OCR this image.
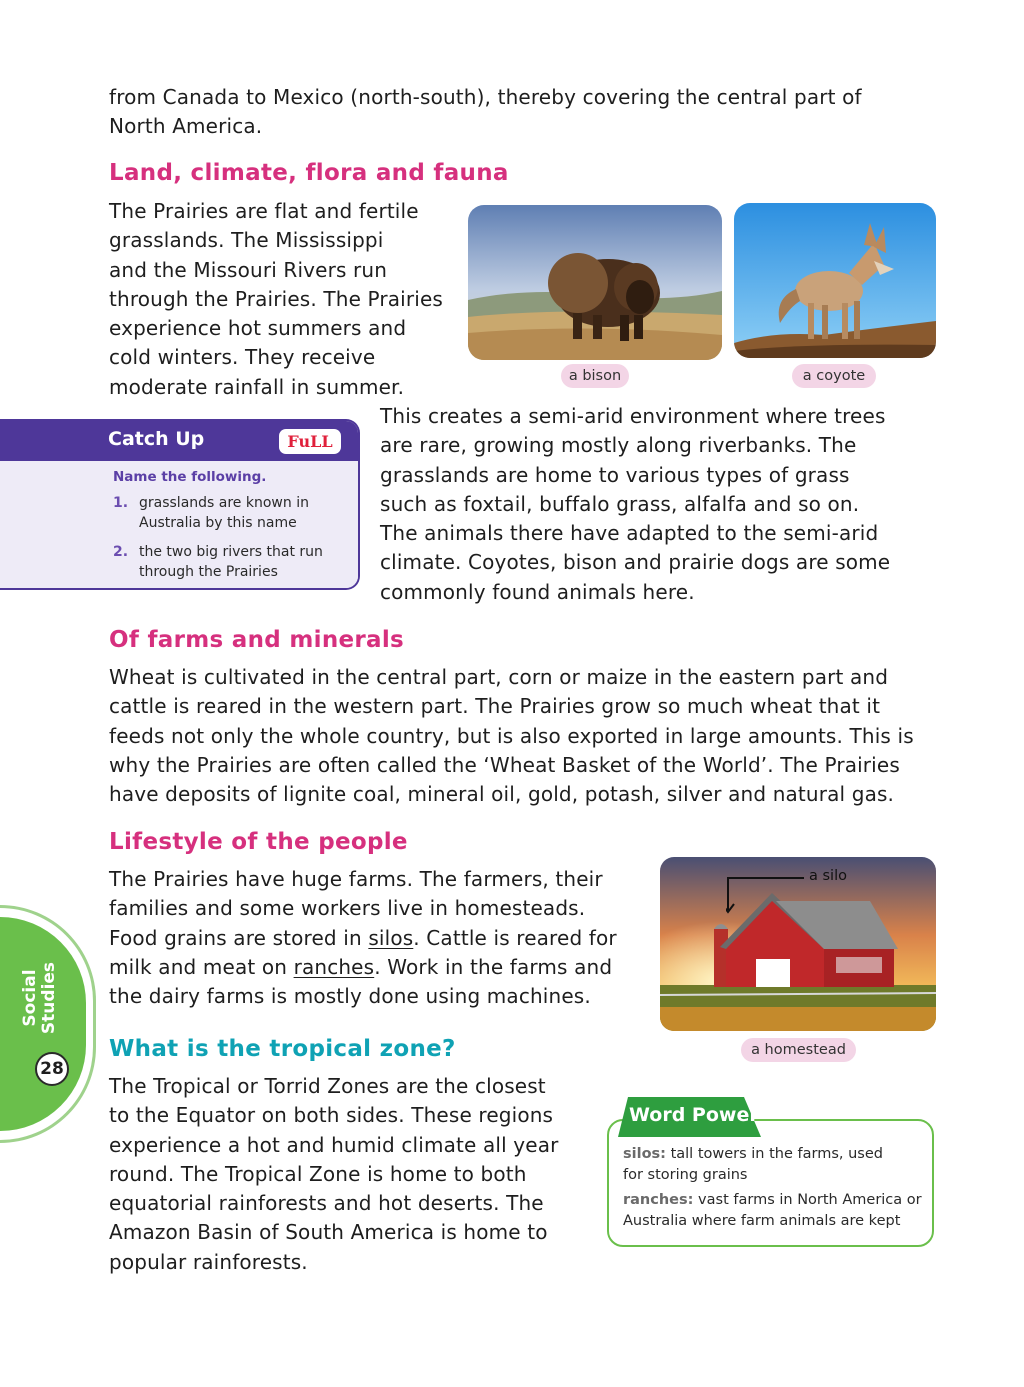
from Canada to Mexico (north-south), thereby covering the central part of
North America.
Land, climate, flora and fauna
The Prairies are flat and fertile
grasslands. The Mississippi
and the Missouri Rivers run
through the Prairies. The Prairies
experience hot summers and
cold winters. They receive
moderate rainfall in summer.	a bison	a coyote
Catch Up	FuLL
Name the following.
1. grasslands are known in
Australia by this name
2. the two big rivers that run
through the Prairies
This creates a semi-arid environment where trees
are rare, growing mostly along riverbanks. The
grasslands are home to various types of grass
such as foxtail, buffalo grass, alfalfa and so on.
The animals there have adapted to the semi-arid
climate. Coyotes, bison and prairie dogs are some
commonly found animals here.
Of farms and minerals
Wheat is cultivated in the central part, corn or maize in the eastern part and
cattle is reared in the western part. The Prairies grow so much wheat that it
feeds not only the whole country, but is also exported in large amounts. This is
why the Prairies are often called the ‘Wheat Basket of the World’. The Prairies
have deposits of lignite coal, mineral oil, gold, potash, silver and natural gas.
Lifestyle of the people
The Prairies have huge farms. The farmers, their
families and some workers live in homesteads.
Food grains are stored in silos. Cattle is reared for
milk and meat on ranches. Work in the farms and
the dairy farms is mostly done using machines.
a silo
a homestead
Social Studies
28
What is the tropical zone?
The Tropical or Torrid Zones are the closest
to the Equator on both sides. These regions
experience a hot and humid climate all year
round. The Tropical Zone is home to both
equatorial rainforests and hot deserts. The
Amazon Basin of South America is home to
popular rainforests.
Word Power
silos: tall towers in the farms, used
for storing grains
ranches: vast farms in North America or
Australia where farm animals are kept
